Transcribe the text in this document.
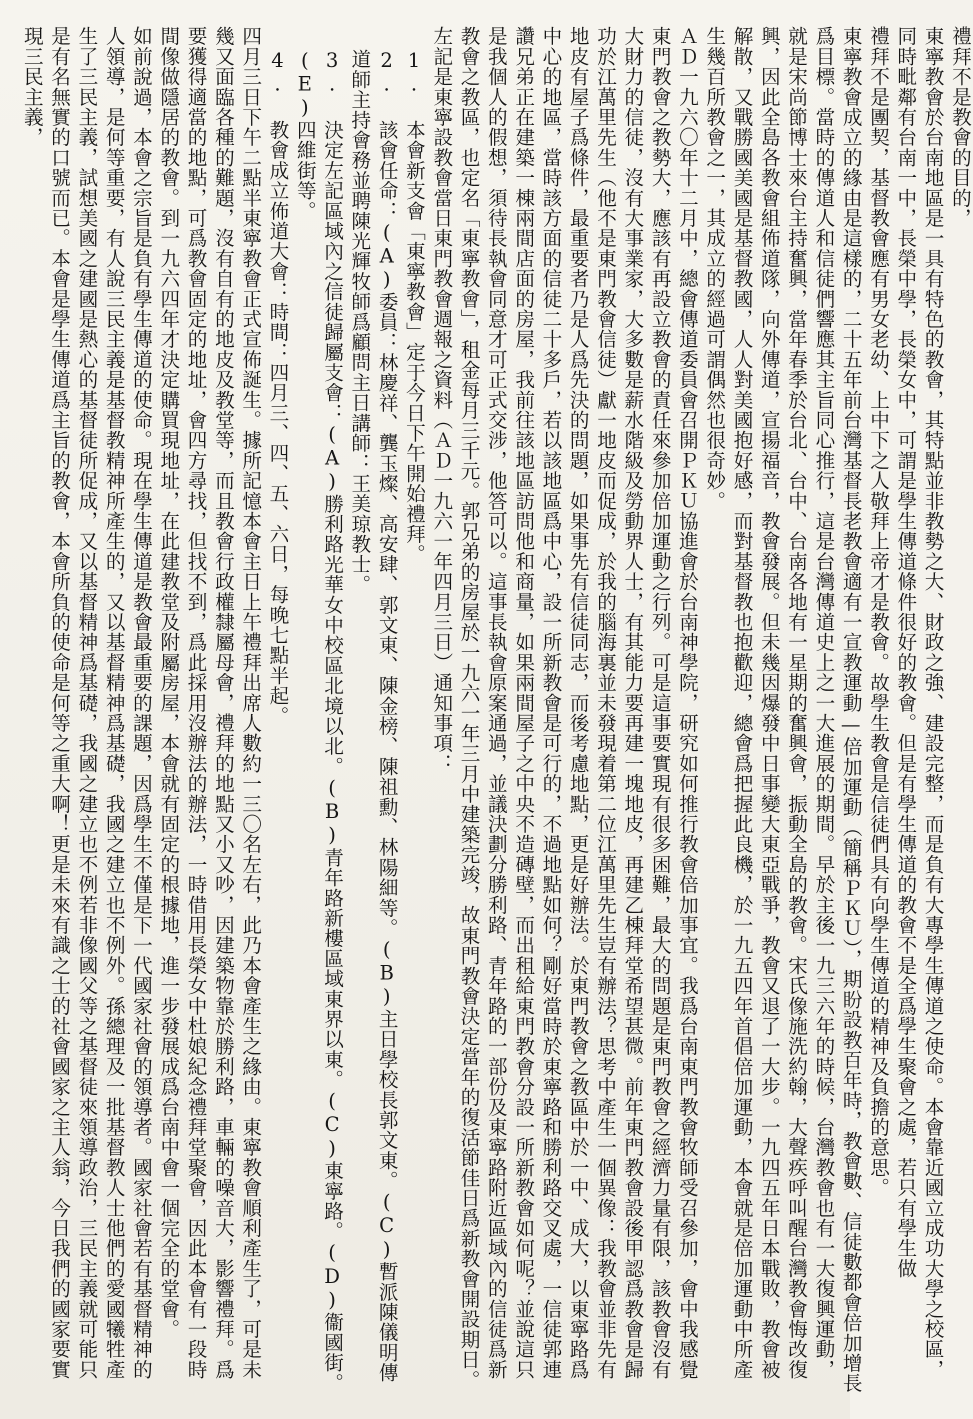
禮拜不是教會的目的，

東寧教會於台南地區是一具有特色的教會，其特點並非教勢之大、財政之強、建設完整，而是負有大專學生傳道之使命。本會靠近國立成功大學之校區，同時毗鄰有台南一中，長榮中學，長榮女中，可謂是學生傳道條件很好的教會。但是有學生傳道的教會不是全爲學生聚會之處，若只有學生做

禮拜不是團契，基督教會應有男女老幼、上中下之人敬拜上帝才是教會。故學生教會是信徒們具有向學生傳道的精神及負擔的意思。

東寧教會成立的緣由是這樣的，二十五年前台灣基督長老教會適有一宣教運動—倍加運動（簡稱ＰＫＵ），期盼設教百年時，教會數、信徒數都會倍加增長爲目標。當時的傳道人和信徒們響應其主旨同心推行，這是台灣傳道史上之一大進展的期間。早於主後一九三六年的時候，台灣教會也有一大復興運動，就是宋尚節博士來台主持奮興，當年春季於台北、台中、台南各地有一星期的奮興會，振動全島的教會。宋氏像施洗約翰，大聲疾呼叫醒台灣教會悔改復興，因此全島各教會組佈道隊，向外傳道，宣揚福音，教會發展。但未幾因爆發中日事變大東亞戰爭，教會又退了一大步。一九四五年日本戰敗，教會被解散，又戰勝國美國是基督教國，人人對美國抱好感，而對基督教也抱歡迎，總會爲把握此良機，於一九五四年首倡倍加運動，本會就是倍加運動中所產生幾百所教會之一，其成立的經過可謂偶然也很奇妙。

ＡＤ一九六〇年十二月中，總會傳道委員會召開ＰＫＵ協進會於台南神學院，研究如何推行教會倍加事宜。我爲台南東門教會牧師受召參加，會中我感覺東門教會之教勢大，應該有再設立教會的責任來參加倍加運動之行列。可是這事要實現有很多困難，最大的問題是東門教會之經濟力量有限，該教會沒有大財力的信徒，沒有大事業家，大多數是薪水階級及勞動界人士，有其能力要再建一塊地皮，再建乙棟拜堂希望甚微。前年東門教會設後甲認爲教會是歸功於江萬里先生（他不是東門教會信徒）獻一地皮而促成，於我的腦海裏並未發現着第二位江萬里先生豈有辦法？思考中產生一個異像：我教會並非先有地皮有屋子爲條件，最重要者乃是人爲先決的問題，如果事先有信徒同志，而後考慮地點，更是好辦法。於東門教會之教區中於一中、成大，以東寧路爲中心的地區，當時該方面的信徒二十多戶，若以該地區爲中心，設一所新教會是可行的，不過地點如何？剛好當時於東寧路和勝利路交叉處，一信徒郭連讚兄弟正在建築一棟兩間店面的房屋，我前往該地區訪問他和商量，如果兩間屋子之中央不造磚壁，而出租給東門教會分設一所新教會如何呢？並說這只是我個人的假想，須待長執會同意才可正式交涉，他答可以。這事長執會原案通過，並議決劃分勝利路、青年路的一部份及東寧路附近區域內的信徒爲新教會之教區，也定名「東寧教會」，租金每月三千元。郭兄弟的房屋於一九六一年三月中建築完竣，故東門教會決定當年的復活節佳日爲新教會開設期日。

左記是東寧設教會當日東門教會週報之資料（ＡＤ一九六一年四月三日）通知事項：

1. 本會新支會「東寧教會」定于今日下午開始禮拜。

2. 該會任命：(A)委員：林慶祥、龔玉燦、高安肆、郭文東、陳金榜、陳祖勳、林陽細等。(B)主日學校長郭文東。(C)暫派陳儀明傳道師主持會務並聘陳光輝牧師爲顧問主日講師：王美琼教士。

3. 決定左記區域內之信徒歸屬支會：(A)勝利路光華女中校區北境以北。(B)青年路新樓區域東界以東。(C)東寧路。(D)衞國街。(E)四維街等。

4. 教會成立佈道大會：時間：四月三、四、五、六日，每晚七點半起。

四月三日下午二點半東寧教會正式宣佈誕生。據所記憶本會主日上午禮拜出席人數約一三〇名左右，此乃本會產生之緣由。東寧教會順利產生了，可是未幾又面臨各種的難題，沒有自有的地皮及教堂等，而且教會行政權隸屬母會，禮拜的地點又小又吵，因建築物靠於勝利路，車輛的噪音大，影響禮拜。爲要獲得適當的地點，可爲教會固定的地址，會四方尋找，但找不到，爲此採用沒辦法的辦法，一時借用長榮女中杜娘紀念禮拜堂聚會，因此本會有一段時間像做隱居的教會。到一九六四年才決定購買現地址，在此建教堂及附屬房屋，本會就有固定的根據地，進一步發展成爲台南中會一個完全的堂會。

如前說過，本會之宗旨是負有學生傳道的使命。現在學生傳道是教會最重要的課題，因爲學生不僅是下一代國家社會的領導者。國家社會若有基督精神的人領導，是何等重要，有人說三民主義是基督教精神所產生的，又以基督精神爲基礎，我國之建立也不例外。孫總理及一批基督教人士他們的愛國犧牲產生了三民主義，試想美國之建國是熱心的基督徒所促成，又以基督精神爲基礎，我國之建立也不例若非像國父等之基督徒來領導政治，三民主義就可能只是有名無實的口號而已。本會是學生傳道爲主旨的教會，本會所負的使命是何等之重大啊！更是未來有識之士的社會國家之主人翁，今日我們的國家要實現三民主義，
